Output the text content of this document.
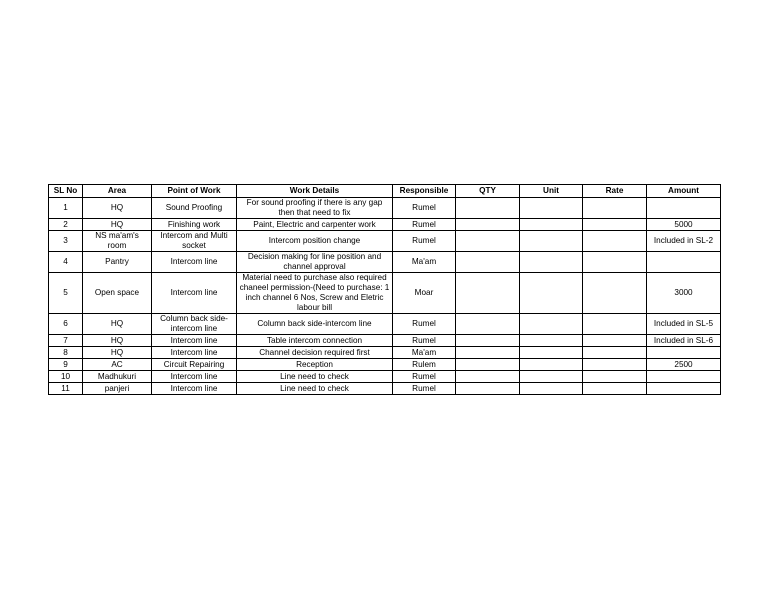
SL No	Area	Point of Work	Work Details	Responsible	QTY	Unit	Rate	Amount
1	HQ	Sound Proofing	For sound proofing if there is any gap then that need to fix	Rumel				
2	HQ	Finishing work	Paint, Electric and carpenter work	Rumel				5000
3	NS ma'am's room	Intercom and Multi socket	Intercom position change	Rumel				Included in SL-2
4	Pantry	Intercom line	Decision making for line position and channel approval	Ma'am				
5	Open space	Intercom line	Material need to purchase also required chaneel permission-(Need to purchase: 1 inch channel 6 Nos, Screw and Eletric labour bill	Moar				3000
6	HQ	Column back side-intercom line	Column back side-intercom line	Rumel				Included in SL-5
7	HQ	Intercom line	Table intercom connection	Rumel				Included in SL-6
8	HQ	Intercom line	Channel decision required first	Ma'am				
9	AC	Circuit Repairing	Reception	Rulem				2500
10	Madhukuri	Intercom line	Line need to check	Rumel				
11	panjeri	Intercom line	Line need to check	Rumel				
